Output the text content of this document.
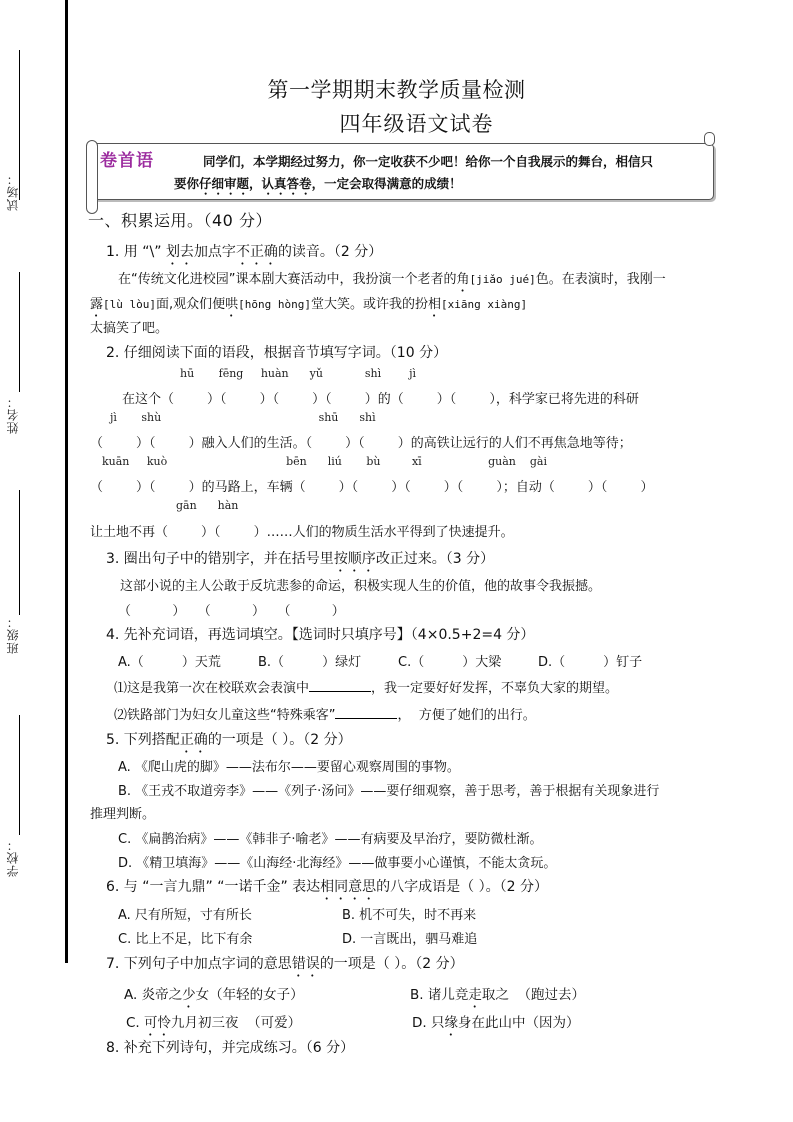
试场：
姓名：
班级：
学校：
第一学期期末教学质量检测
四年级语文试卷
卷首语	同学们，本学期经过努力，你一定收获不少吧！给你一个自我展示的舞台，相信只
要你仔细审题，认真答卷，一定会取得满意的成绩！
一、积累运用。（40 分）
1. 用 “\” 划去加点字不正确的读音。（2 分）
在“传统文化进校园”课本剧大赛活动中，我扮演一个老者的角[jiǎo jué]色。在表演时，我刚一
露[lù lòu]面,观众们便哄[hōng hòng]堂大笑。或许我的扮相[xiāng xiàng]
太搞笑了吧。
2. 仔细阅读下面的语段，根据音节填写字词。（10 分）
hū       fēng     huàn      yǔ            shì        jì
在这个（        ）（        ）（        ）（        ）的（        ）（        ），科学家已将先进的科研
jì       shù                                             shū      shì
（        ）（        ）融入人们的生活。（        ）（        ）的高铁让远行的人们不再焦急地等待；
kuān     kuò                                  bēn      liú       bù         xī                   guàn    gài
（        ）（        ）的马路上，车辆（        ）（        ）（        ）（        ）；自动（        ）（        ）
gān      hàn
让土地不再（        ）（        ）……人们的物质生活水平得到了快速提升。
3. 圈出句子中的错别字，并在括号里按顺序改正过来。（3 分）
这部小说的主人公敢于反坑悲参的命运，积极实现人生的价值，他的故事令我振撼。
（          ）   （          ）   （          ）
4. 先补充词语，再选词填空。【选词时只填序号】（4×0.5+2=4 分）
A.（	）天荒	B.（	）绿灯	C.（	）大梁	D.（	）钉子
⑴这是我第一次在校联欢会表演中	，我一定要好好发挥，不辜负大家的期望。
⑵铁路部门为妇女儿童这些“特殊乘客”	，  方便了她们的出行。
5. 下列搭配正确的一项是（ ）。（2 分）
A. 《爬山虎的脚》——法布尔——要留心观察周围的事物。
B. 《王戎不取道旁李》——《列子·汤问》——要仔细观察，善于思考，善于根据有关现象进行
推理判断。
C. 《扁鹊治病》——《韩非子·喻老》——有病要及早治疗，要防微杜渐。
D. 《精卫填海》——《山海经·北海经》——做事要小心谨慎，不能太贪玩。
6. 与 “一言九鼎” “一诺千金” 表达相同意思的八字成语是（ ）。（2 分）
A. 尺有所短，寸有所长	B. 机不可失，时不再来
C. 比上不足，比下有余	D. 一言既出，驷马难追
7. 下列句子中加点字词的意思错误的一项是（ ）。（2 分）
A. 炎帝之少女（年轻的女子）	B. 诸儿竞走取之  （跑过去）
C. 可怜九月初三夜  （可爱）	D. 只缘身在此山中（因为）
8. 补充下列诗句，并完成练习。（6 分）
